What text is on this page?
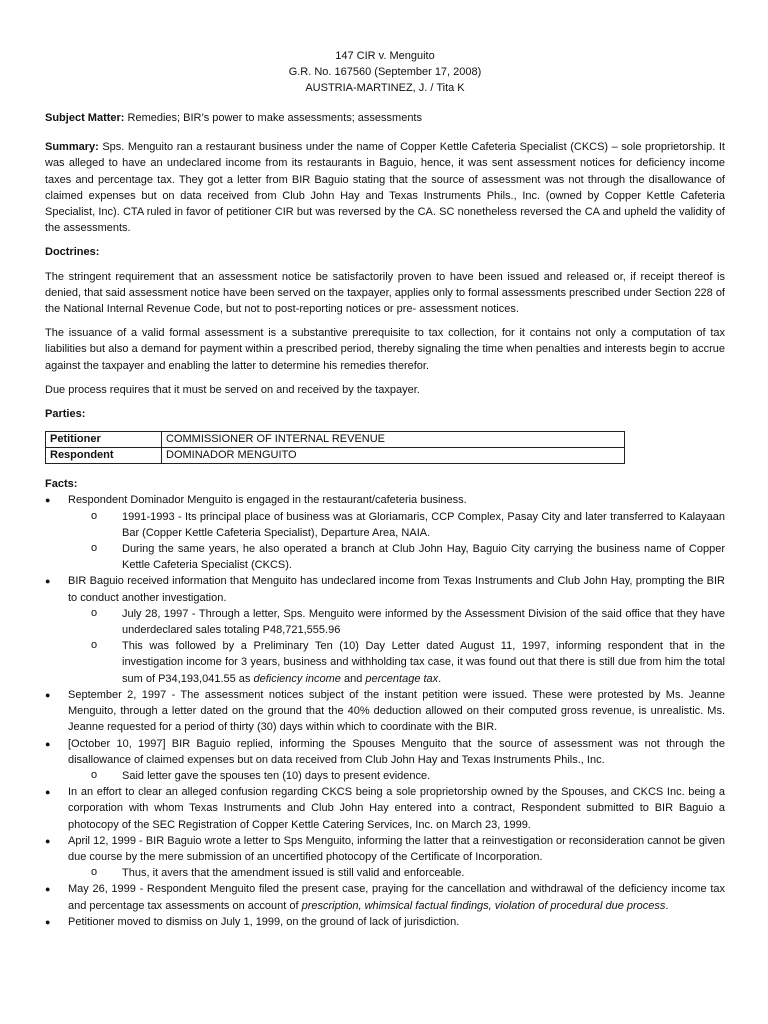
147 CIR v. Menguito
G.R. No. 167560 (September 17, 2008)
AUSTRIA-MARTINEZ, J. / Tita K

Subject Matter: Remedies; BIR’s power to make assessments; assessments

Summary: Sps. Menguito ran a restaurant business under the name of Copper Kettle Cafeteria Specialist (CKCS) – sole proprietorship. It was alleged to have an undeclared income from its restaurants in Baguio, hence, it was sent assessment notices for deficiency income taxes and percentage tax. They got a letter from BIR Baguio stating that the source of assessment was not through the disallowance of claimed expenses but on data received from Club John Hay and Texas Instruments Phils., Inc. (owned by Copper Kettle Cafeteria Specialist, Inc). CTA ruled in favor of petitioner CIR but was reversed by the CA. SC nonetheless reversed the CA and upheld the validity of the assessments.

Doctrines:

The stringent requirement that an assessment notice be satisfactorily proven to have been issued and released or, if receipt thereof is denied, that said assessment notice have been served on the taxpayer, applies only to formal assessments prescribed under Section 228 of the National Internal Revenue Code, but not to post-reporting notices or pre- assessment notices.

The issuance of a valid formal assessment is a substantive prerequisite to tax collection, for it contains not only a computation of tax liabilities but also a demand for payment within a prescribed period, thereby signaling the time when penalties and interests begin to accrue against the taxpayer and enabling the latter to determine his remedies therefor.

Due process requires that it must be served on and received by the taxpayer.

Parties:

Petitioner	COMMISSIONER OF INTERNAL REVENUE
Respondent	DOMINADOR MENGUITO

Facts:

● Respondent Dominador Menguito is engaged in the restaurant/cafeteria business.
o 1991-1993 - Its principal place of business was at Gloriamaris, CCP Complex, Pasay City and later transferred to Kalayaan Bar (Copper Kettle Cafeteria Specialist), Departure Area, NAIA.
o During the same years, he also operated a branch at Club John Hay, Baguio City carrying the business name of Copper Kettle Cafeteria Specialist (CKCS).
● BIR Baguio received information that Menguito has undeclared income from Texas Instruments and Club John Hay, prompting the BIR to conduct another investigation.
o July 28, 1997 - Through a letter, Sps. Menguito were informed by the Assessment Division of the said office that they have underdeclared sales totaling P48,721,555.96
o This was followed by a Preliminary Ten (10) Day Letter dated August 11, 1997, informing respondent that in the investigation income for 3 years, business and withholding tax case, it was found out that there is still due from him the total sum of P34,193,041.55 as deficiency income and percentage tax.
● September 2, 1997 - The assessment notices subject of the instant petition were issued. These were protested by Ms. Jeanne Menguito, through a letter dated on the ground that the 40% deduction allowed on their computed gross revenue, is unrealistic. Ms. Jeanne requested for a period of thirty (30) days within which to coordinate with the BIR.
● [October 10, 1997] BIR Baguio replied, informing the Spouses Menguito that the source of assessment was not through the disallowance of claimed expenses but on data received from Club John Hay and Texas Instruments Phils., Inc.
o Said letter gave the spouses ten (10) days to present evidence.
● In an effort to clear an alleged confusion regarding CKCS being a sole proprietorship owned by the Spouses, and CKCS Inc. being a corporation with whom Texas Instruments and Club John Hay entered into a contract, Respondent submitted to BIR Baguio a photocopy of the SEC Registration of Copper Kettle Catering Services, Inc. on March 23, 1999.
● April 12, 1999 - BIR Baguio wrote a letter to Sps Menguito, informing the latter that a reinvestigation or reconsideration cannot be given due course by the mere submission of an uncertified photocopy of the Certificate of Incorporation.
o Thus, it avers that the amendment issued is still valid and enforceable.
● May 26, 1999 - Respondent Menguito filed the present case, praying for the cancellation and withdrawal of the deficiency income tax and percentage tax assessments on account of prescription, whimsical factual findings, violation of procedural due process.
● Petitioner moved to dismiss on July 1, 1999, on the ground of lack of jurisdiction.
